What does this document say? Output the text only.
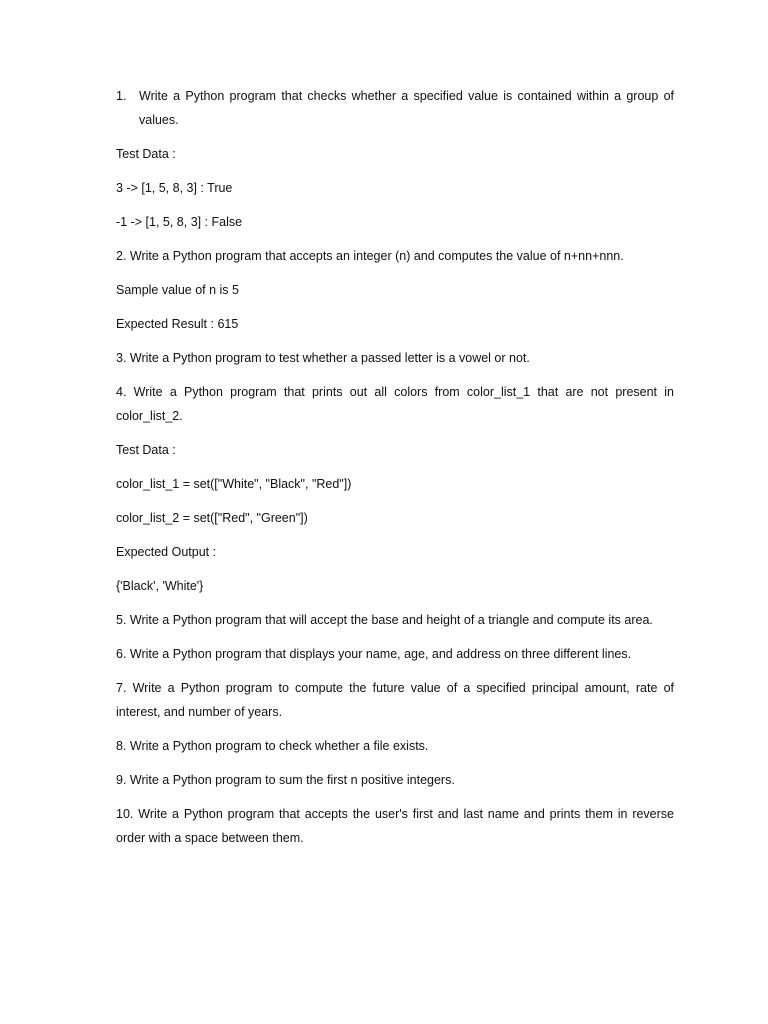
1. Write a Python program that checks whether a specified value is contained within a group of values.

Test Data :

3 -> [1, 5, 8, 3] : True

-1 -> [1, 5, 8, 3] : False

2. Write a Python program that accepts an integer (n) and computes the value of n+nn+nnn.

Sample value of n is 5

Expected Result : 615

3. Write a Python program to test whether a passed letter is a vowel or not.

4. Write a Python program that prints out all colors from color_list_1 that are not present in color_list_2.

Test Data :

color_list_1 = set(["White", "Black", "Red"])

color_list_2 = set(["Red", "Green"])

Expected Output :

{'Black', 'White'}

5. Write a Python program that will accept the base and height of a triangle and compute its area.

6. Write a Python program that displays your name, age, and address on three different lines.

7. Write a Python program to compute the future value of a specified principal amount, rate of interest, and number of years.

8. Write a Python program to check whether a file exists.

9. Write a Python program to sum the first n positive integers.

10. Write a Python program that accepts the user's first and last name and prints them in reverse order with a space between them.
